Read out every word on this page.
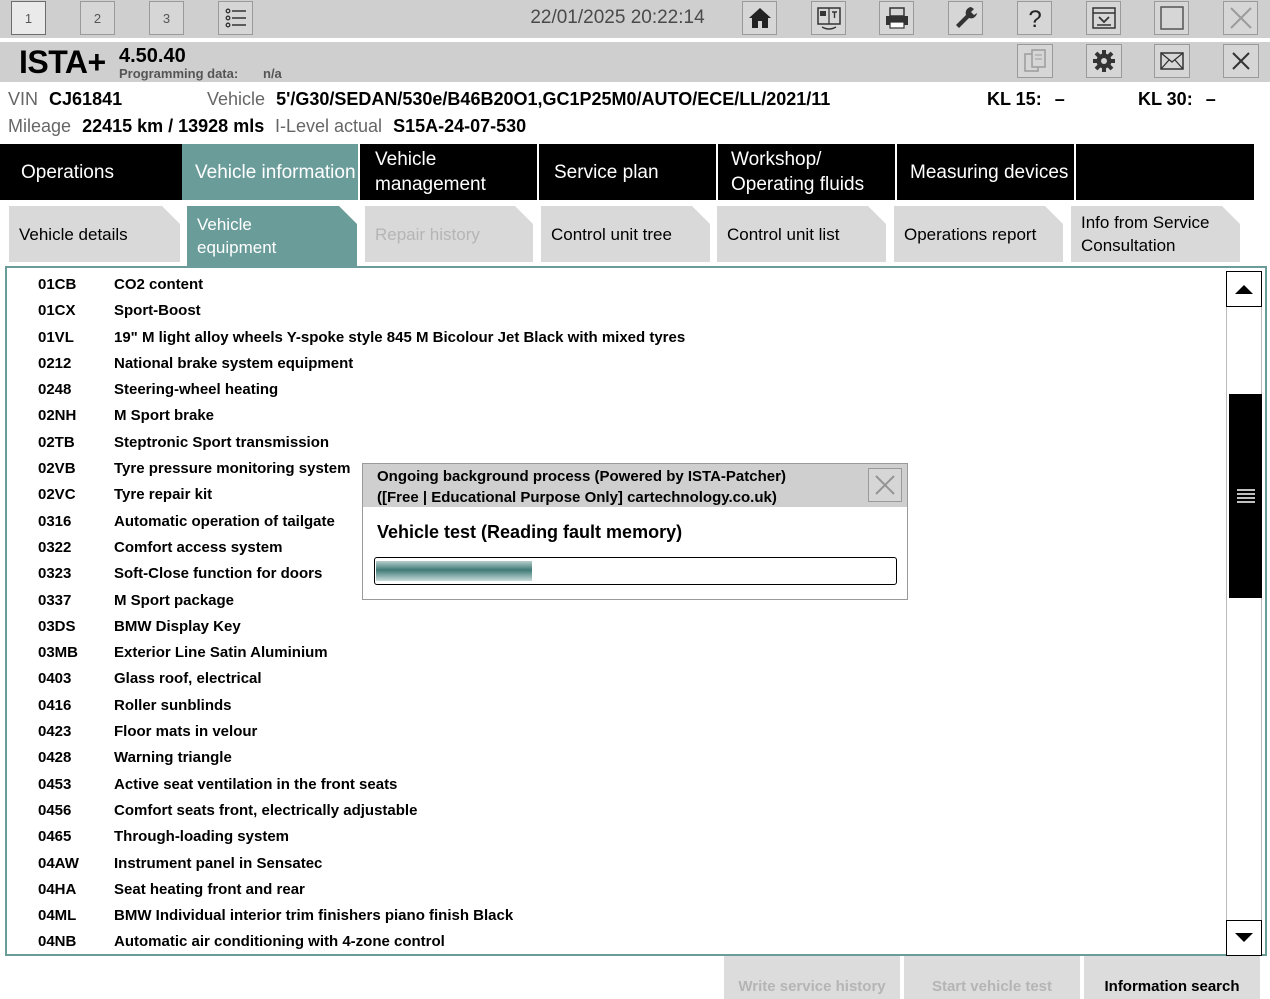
1	2	3	22/01/2025 20:22:14	?
ISTA+ 4.50.40
Programming data: n/a
VIN CJ61841	Vehicle 5'/G30/SEDAN/530e/B46B20O1,GC1P25M0/AUTO/ECE/LL/2021/11	KL 15: –	KL 30: –
Mileage 22415 km / 13928 mls I-Level actual S15A-24-07-530
Operations	Vehicle information
Vehicle management
Service plan
Workshop/ Operating fluids
Measuring devices
Vehicle details	Vehicle equipment
Repair history	Control unit tree	Control unit list	Operations report
Info from Service Consultation
01CB	CO2 content
01CX	Sport-Boost
01VL	19" M light alloy wheels Y-spoke style 845 M Bicolour Jet Black with mixed tyres
0212	National brake system equipment
0248	Steering-wheel heating
02NH	M Sport brake
02TB	Steptronic Sport transmission
02VB	Tyre pressure monitoring system
02VC	Tyre repair kit
0316	Automatic operation of tailgate
0322	Comfort access system
0323	Soft-Close function for doors
0337	M Sport package
03DS	BMW Display Key
03MB	Exterior Line Satin Aluminium
0403	Glass roof, electrical
0416	Roller sunblinds
0423	Floor mats in velour
0428	Warning triangle
0453	Active seat ventilation in the front seats
0456	Comfort seats front, electrically adjustable
0465	Through-loading system
04AW	Instrument panel in Sensatec
04HA	Seat heating front and rear
04ML	BMW Individual interior trim finishers piano finish Black
04NB	Automatic air conditioning with 4-zone control
Write service history	Start vehicle test	Information search
Ongoing background process (Powered by ISTA-Patcher)
([Free | Educational Purpose Only] cartechnology.co.uk)
Vehicle test (Reading fault memory)
